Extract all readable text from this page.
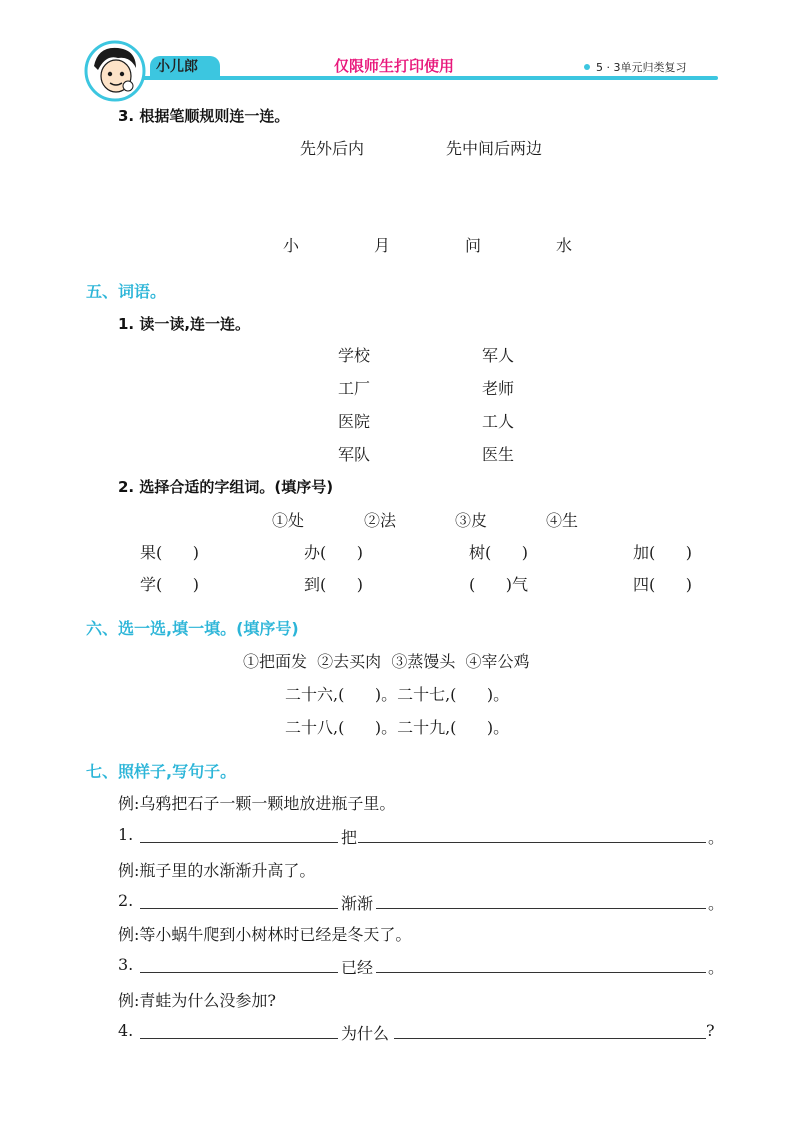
小儿郎	仅限师生打印使用	5 · 3单元归类复习
3. 根据笔顺规则连一连。
先外后内	先中间后两边
小	月	问	水
五、词语。
1. 读一读,连一连。
学校
工厂
医院
军队
军人
老师
工人
医生
2. 选择合适的字组词。(填序号)
①处	②法	③皮	④生
果(      )	办(      )	树(      )	加(      )
学(      )	到(      )	(      )气	四(      )
六、选一选,填一填。(填序号)
①把面发  ②去买肉  ③蒸馒头  ④宰公鸡
二十六,(      )。二十七,(      )。
二十八,(      )。二十九,(      )。
七、照样子,写句子。
例:乌鸦把石子一颗一颗地放进瓶子里。
1.	把	。
例:瓶子里的水渐渐升高了。
2.	渐渐	。
例:等小蜗牛爬到小树林时已经是冬天了。
3.	已经	。
例:青蛙为什么没参加?
4.	为什么	?
